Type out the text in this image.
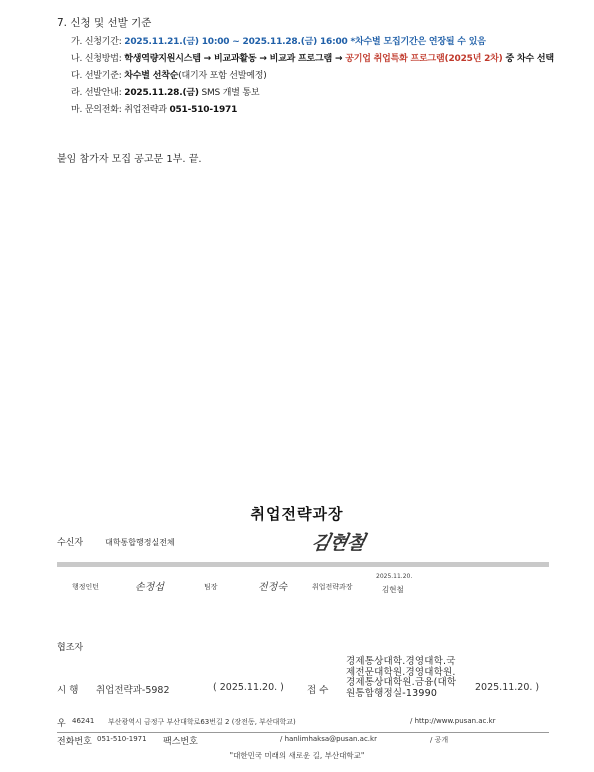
7. 신청 및 선발 기준
가. 신청기간: 2025.11.21.(금) 10:00 ~ 2025.11.28.(금) 16:00 *차수별 모집기간은 연장될 수 있음
나. 신청방법: 학생역량지원시스템 → 비교과활동 → 비교과 프로그램 → 공기업 취업특화 프로그램(2025년 2차) 중 차수 선택
다. 선발기준: 차수별 선착순(대기자 포함 선발예정)
라. 선발안내: 2025.11.28.(금) SMS 개별 통보
마. 문의전화: 취업전략과 051-510-1971
붙임 참가자 모집 공고문 1부. 끝.
취업전략과장
수신자	대학통합행정실전체	김현철
행정인턴	손정섭	팀장	전정숙	취업전략과장
2025.11.20.
김현철
협조자
시 행 취업전략과-5982	( 2025.11.20. ) 접 수
경제통상대학.경영대학.국제전문대학원.경영대학원.경제통상대학원.금융(대학원통합행정실-13990	2025.11.20. )
우 46241 부산광역시 금정구 부산대학로63번길 2 (장전동, 부산대학교)	/ http://www.pusan.ac.kr
전화번호 051-510-1971 팩스번호	/ hanlimhaksa@pusan.ac.kr	/ 공개
"대한민국 미래의 새로운 길, 부산대학교"
